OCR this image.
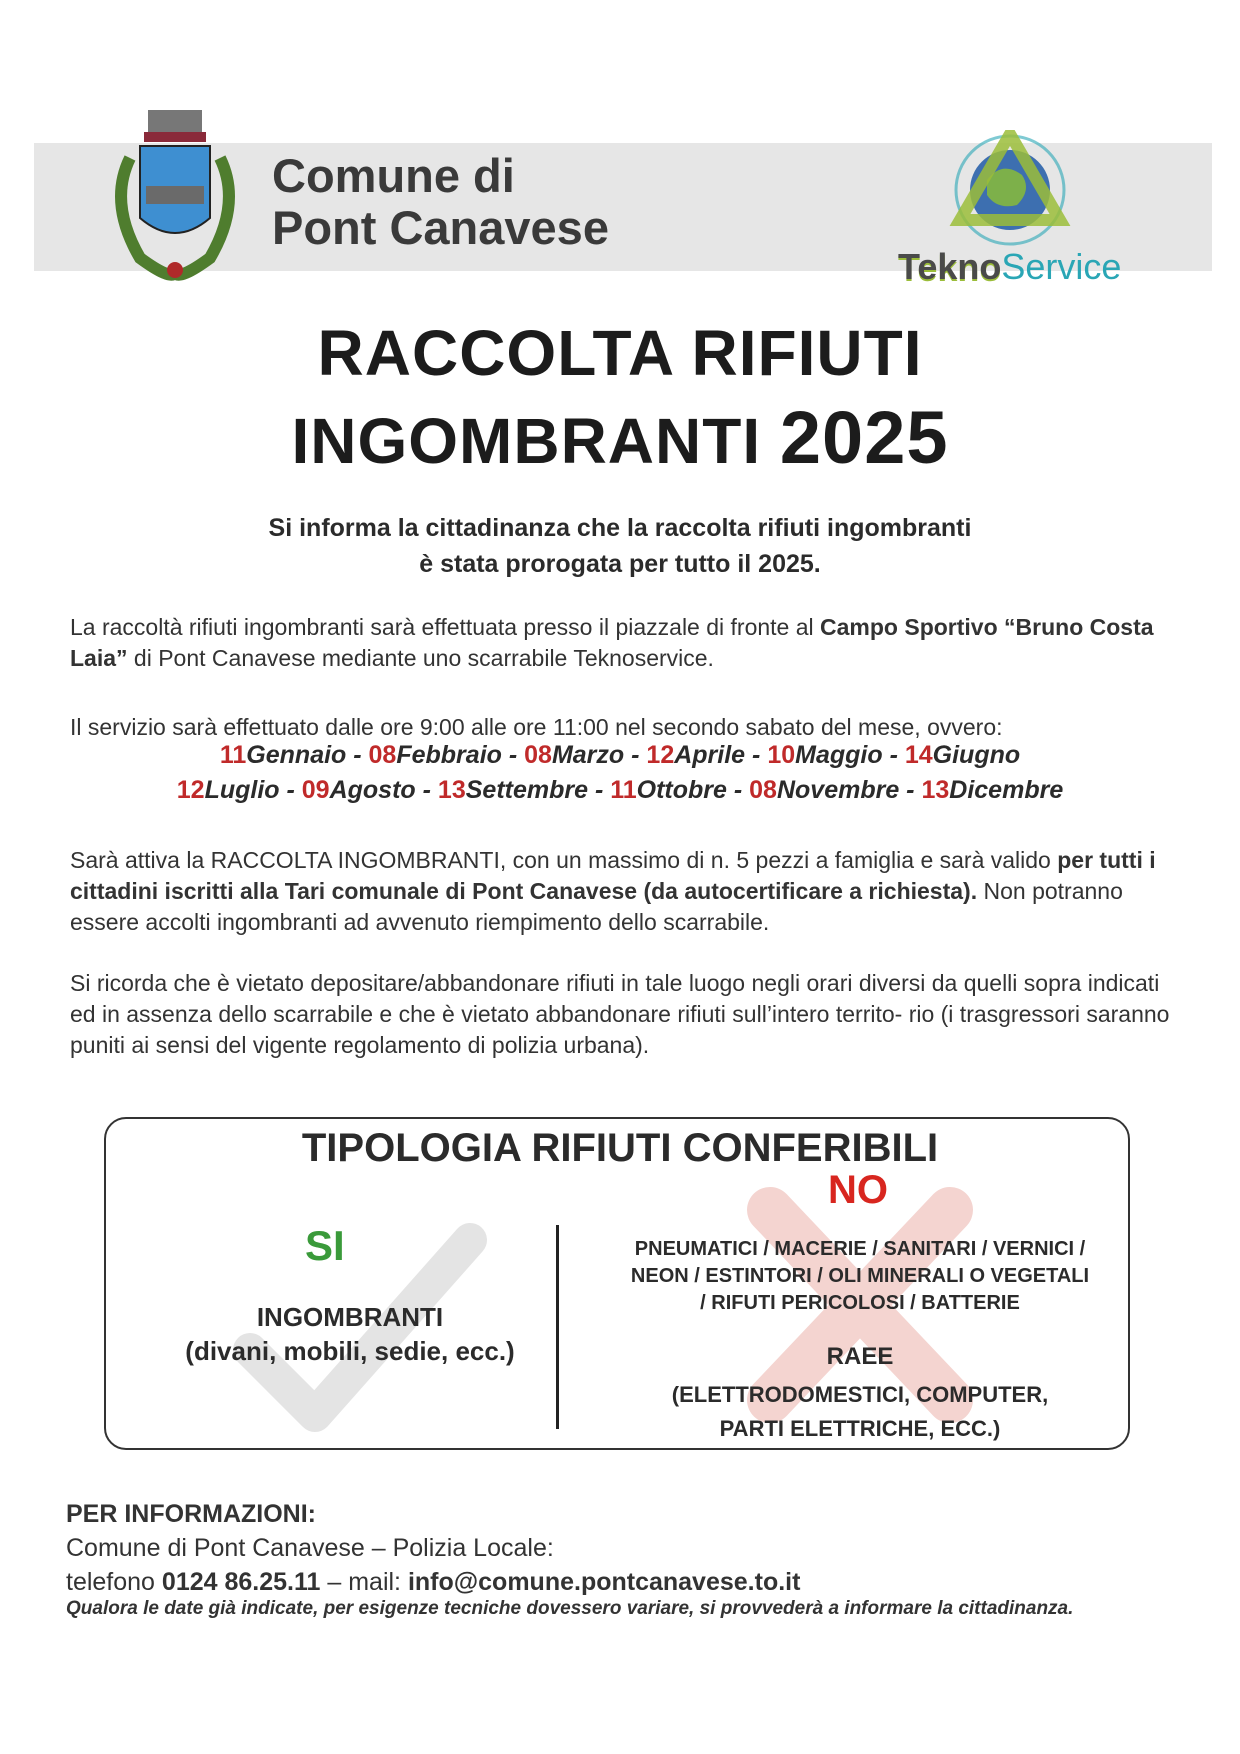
Comune di
Pont Canavese
TeknoService
RACCOLTA RIFIUTI
INGOMBRANTI 2025
Si informa la cittadinanza che la raccolta rifiuti ingombranti
è stata prorogata per tutto il 2025.
La raccoltà rifiuti ingombranti sarà effettuata presso il piazzale di fronte al Campo Sportivo “Bruno Costa Laia” di Pont Canavese mediante uno scarrabile Teknoservice.
Il servizio sarà effettuato dalle ore 9:00 alle ore 11:00 nel secondo sabato del mese, ovvero:
11Gennaio - 08Febbraio - 08Marzo - 12Aprile - 10Maggio - 14Giugno
12Luglio - 09Agosto - 13Settembre - 11Ottobre - 08Novembre - 13Dicembre
Sarà attiva la RACCOLTA INGOMBRANTI, con un massimo di n. 5 pezzi a famiglia e sarà valido per tutti i cittadini iscritti alla Tari comunale di Pont Canavese (da autocertificare a richiesta). Non potranno essere accolti ingombranti ad avvenuto riempimento dello scarrabile.
Si ricorda che è vietato depositare/abbandonare rifiuti in tale luogo negli orari diversi da quelli sopra indicati ed in assenza dello scarrabile e che è vietato abbandonare rifiuti sull’intero territo- rio (i trasgressori saranno puniti ai sensi del vigente regolamento di polizia urbana).
TIPOLOGIA RIFIUTI CONFERIBILI
SI
INGOMBRANTI
(divani, mobili, sedie, ecc.)
NO
PNEUMATICI / MACERIE / SANITARI / VERNICI /
NEON / ESTINTORI / OLI MINERALI O VEGETALI
/ RIFUTI PERICOLOSI / BATTERIE
RAEE
(ELETTRODOMESTICI, COMPUTER,
PARTI ELETTRICHE, ECC.)
PER INFORMAZIONI:
Comune di Pont Canavese – Polizia Locale:
telefono 0124 86.25.11 – mail: info@comune.pontcanavese.to.it
Qualora le date già indicate, per esigenze tecniche dovessero variare, si provvederà a informare la cittadinanza.
